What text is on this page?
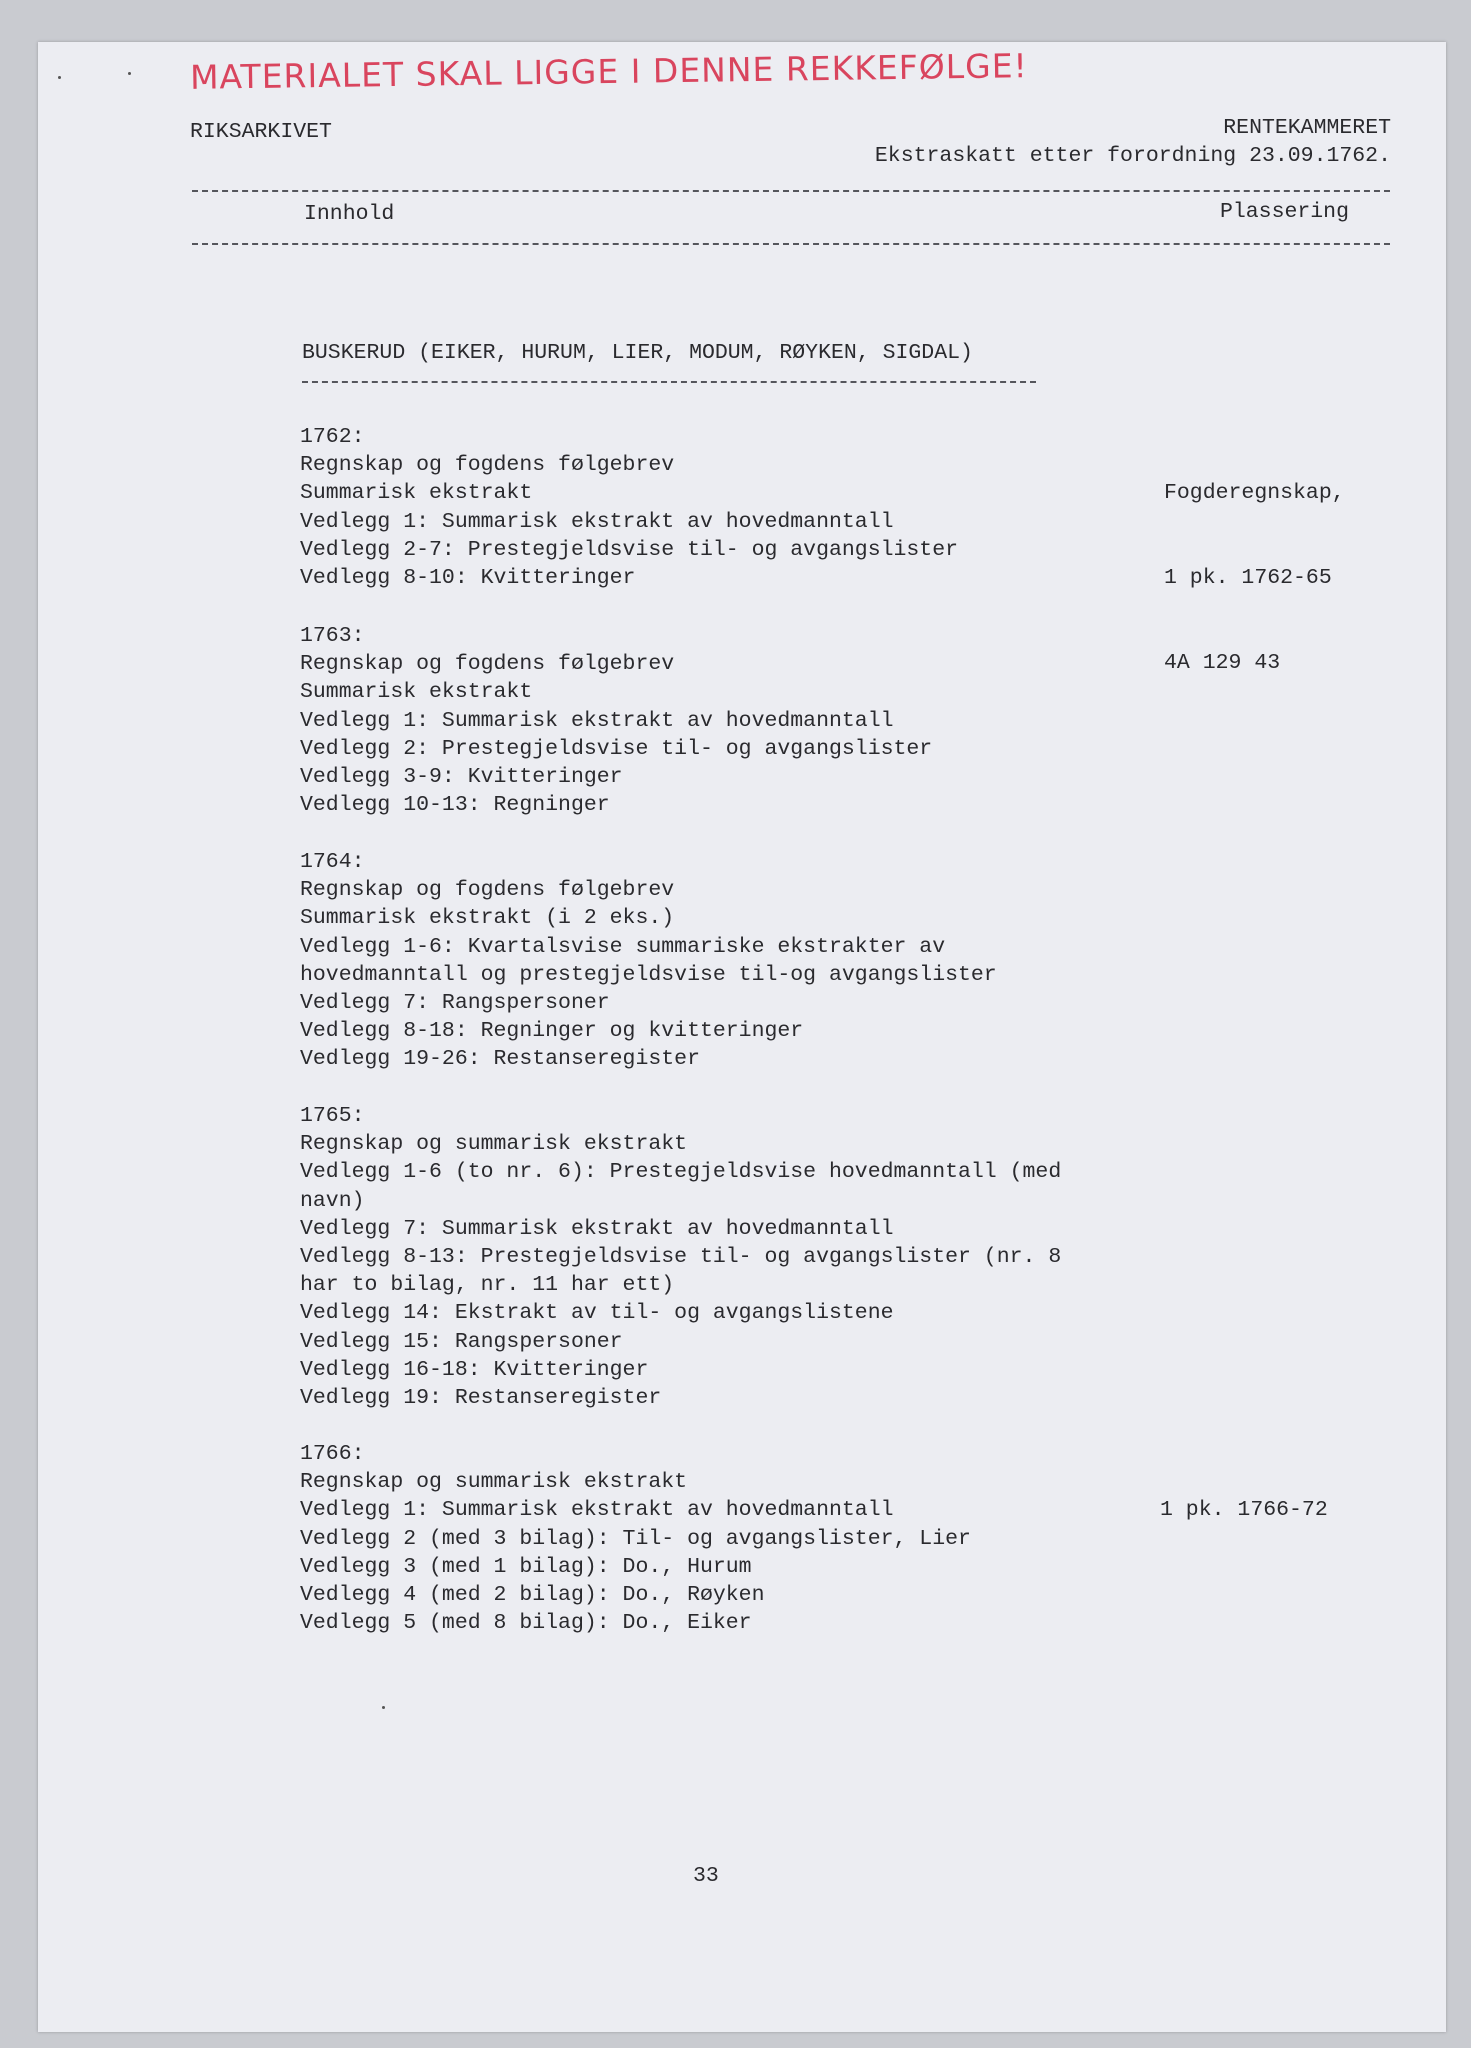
MATERIALET SKAL LIGGE I DENNE REKKEFØLGE!
RIKSARKIVET	RENTEKAMMERET
Ekstraskatt etter forordning 23.09.1762.
Innhold	Plassering
BUSKERUD (EIKER, HURUM, LIER, MODUM, RØYKEN, SIGDAL)
1762:
Regnskap og fogdens følgebrev
Summarisk ekstrakt
Vedlegg 1: Summarisk ekstrakt av hovedmanntall
Vedlegg 2-7: Prestegjeldsvise til- og avgangslister
Vedlegg 8-10: Kvitteringer

Fogderegnskap,

1 pk. 1762-65

4A 129 43

1763:
Regnskap og fogdens følgebrev
Summarisk ekstrakt
Vedlegg 1: Summarisk ekstrakt av hovedmanntall
Vedlegg 2: Prestegjeldsvise til- og avgangslister
Vedlegg 3-9: Kvitteringer
Vedlegg 10-13: Regninger
1764:
Regnskap og fogdens følgebrev
Summarisk ekstrakt (i 2 eks.)
Vedlegg 1-6: Kvartalsvise summariske ekstrakter av
hovedmanntall og prestegjeldsvise til-og avgangslister
Vedlegg 7: Rangspersoner
Vedlegg 8-18: Regninger og kvitteringer
Vedlegg 19-26: Restanseregister
1765:
Regnskap og summarisk ekstrakt
Vedlegg 1-6 (to nr. 6): Prestegjeldsvise hovedmanntall (med
navn)
Vedlegg 7: Summarisk ekstrakt av hovedmanntall
Vedlegg 8-13: Prestegjeldsvise til- og avgangslister (nr. 8
har to bilag, nr. 11 har ett)
Vedlegg 14: Ekstrakt av til- og avgangslistene
Vedlegg 15: Rangspersoner
Vedlegg 16-18: Kvitteringer
Vedlegg 19: Restanseregister
1766:
Regnskap og summarisk ekstrakt
Vedlegg 1: Summarisk ekstrakt av hovedmanntall
Vedlegg 2 (med 3 bilag): Til- og avgangslister, Lier
Vedlegg 3 (med 1 bilag): Do., Hurum
Vedlegg 4 (med 2 bilag): Do., Røyken
Vedlegg 5 (med 8 bilag): Do., Eiker

1 pk. 1766-72

33
